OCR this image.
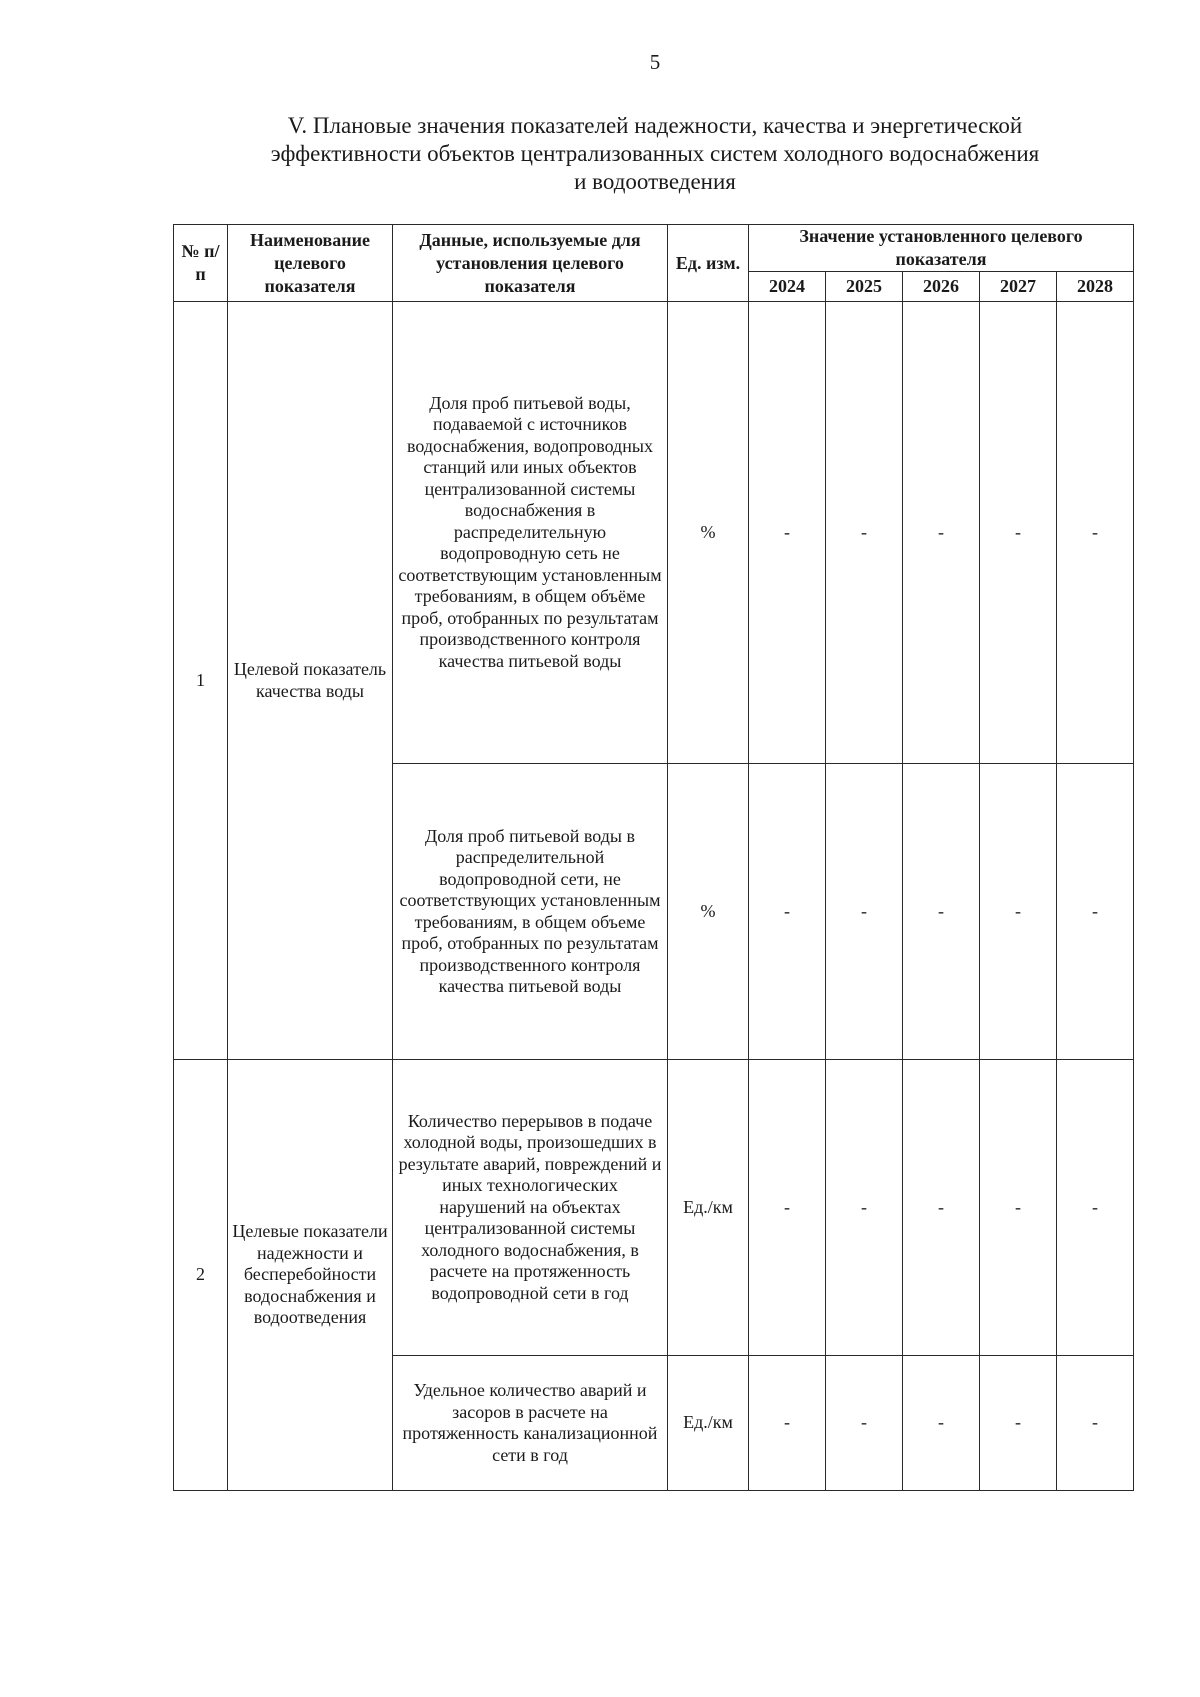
5
V. Плановые значения показателей надежности, качества и энергетической
эффективности объектов централизованных систем холодного водоснабжения
и водоотведения
№ п/п	Наименование целевого показателя	Данные, используемые для установления целевого показателя	Ед. изм.	Значение установленного целевого показателя				
				2024	2025	2026	2027	2028
1	Целевой показатель качества воды	Доля проб питьевой воды, подаваемой с источников водоснабжения, водопроводных станций или иных объектов централизованной системы водоснабжения в распределительную водопроводную сеть не соответствующим установленным требованиям, в общем объёме проб, отобранных по результатам производственного контроля качества питьевой воды	%	-	-	-	-	-
		Доля проб питьевой воды в распределительной водопроводной сети, не соответствующих установленным требованиям, в общем объеме проб, отобранных по результатам производственного контроля качества питьевой воды	%	-	-	-	-	-
2	Целевые показатели надежности и бесперебойности водоснабжения и водоотведения	Количество перерывов в подаче холодной воды, произошедших в результате аварий, повреждений и иных технологических нарушений на объектах централизованной системы холодного водоснабжения, в расчете на протяженность водопроводной сети в год	Ед./км	-	-	-	-	-
		Удельное количество аварий и засоров в расчете на протяженность канализационной сети в год	Ед./км	-	-	-	-	-
